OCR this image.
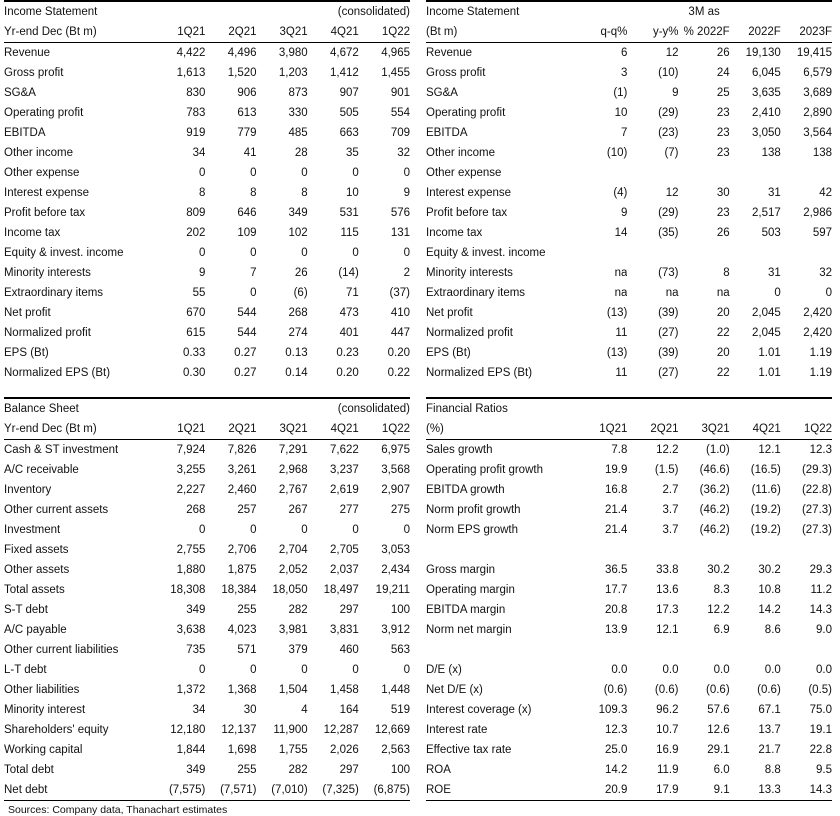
Income Statement				(consolidated)	
Yr-end Dec (Bt m)	1Q21	2Q21	3Q21	4Q21	1Q22
Revenue	4,422	4,496	3,980	4,672	4,965
Gross profit	1,613	1,520	1,203	1,412	1,455
SG&A	830	906	873	907	901
Operating profit	783	613	330	505	554
EBITDA	919	779	485	663	709
Other income	34	41	28	35	32
Other expense	0	0	0	0	0
Interest expense	8	8	8	10	9
Profit before tax	809	646	349	531	576
Income tax	202	109	102	115	131
Equity & invest. income	0	0	0	0	0
Minority interests	9	7	26	(14)	2
Extraordinary items	55	0	(6)	71	(37)
Net profit	670	544	268	473	410
Normalized profit	615	544	274	401	447
EPS (Bt)	0.33	0.27	0.13	0.23	0.20
Normalized EPS (Bt)	0.30	0.27	0.14	0.20	0.22
Balance Sheet				(consolidated)	
Yr-end Dec (Bt m)	1Q21	2Q21	3Q21	4Q21	1Q22
Cash & ST investment	7,924	7,826	7,291	7,622	6,975
A/C receivable	3,255	3,261	2,968	3,237	3,568
Inventory	2,227	2,460	2,767	2,619	2,907
Other current assets	268	257	267	277	275
Investment	0	0	0	0	0
Fixed assets	2,755	2,706	2,704	2,705	3,053
Other assets	1,880	1,875	2,052	2,037	2,434
Total assets	18,308	18,384	18,050	18,497	19,211
S-T debt	349	255	282	297	100
A/C payable	3,638	4,023	3,981	3,831	3,912
Other current liabilities	735	571	379	460	563
L-T debt	0	0	0	0	0
Other liabilities	1,372	1,368	1,504	1,458	1,448
Minority interest	34	30	4	164	519
Shareholders' equity	12,180	12,137	11,900	12,287	12,669
Working capital	1,844	1,698	1,755	2,026	2,563
Total debt	349	255	282	297	100
Net debt	(7,575)	(7,571)	(7,010)	(7,325)	(6,875)
Sources: Company data, Thanachart estimates
Income Statement			3M as		
(Bt m)	q-q%	y-y%	% 2022F	2022F	2023F
Revenue	6	12	26	19,130	19,415
Gross profit	3	(10)	24	6,045	6,579
SG&A	(1)	9	25	3,635	3,689
Operating profit	10	(29)	23	2,410	2,890
EBITDA	7	(23)	23	3,050	3,564
Other income	(10)	(7)	23	138	138
Other expense					
Interest expense	(4)	12	30	31	42
Profit before tax	9	(29)	23	2,517	2,986
Income tax	14	(35)	26	503	597
Equity & invest. income					
Minority interests	na	(73)	8	31	32
Extraordinary items	na	na	na	0	0
Net profit	(13)	(39)	20	2,045	2,420
Normalized profit	11	(27)	22	2,045	2,420
EPS (Bt)	(13)	(39)	20	1.01	1.19
Normalized EPS (Bt)	11	(27)	22	1.01	1.19
Financial Ratios					
(%)	1Q21	2Q21	3Q21	4Q21	1Q22
Sales growth	7.8	12.2	(1.0)	12.1	12.3
Operating profit growth	19.9	(1.5)	(46.6)	(16.5)	(29.3)
EBITDA growth	16.8	2.7	(36.2)	(11.6)	(22.8)
Norm profit growth	21.4	3.7	(46.2)	(19.2)	(27.3)
Norm EPS growth	21.4	3.7	(46.2)	(19.2)	(27.3)

Gross margin	36.5	33.8	30.2	30.2	29.3
Operating margin	17.7	13.6	8.3	10.8	11.2
EBITDA margin	20.8	17.3	12.2	14.2	14.3
Norm net margin	13.9	12.1	6.9	8.6	9.0

D/E (x)	0.0	0.0	0.0	0.0	0.0
Net D/E (x)	(0.6)	(0.6)	(0.6)	(0.6)	(0.5)
Interest coverage (x)	109.3	96.2	57.6	67.1	75.0
Interest rate	12.3	10.7	12.6	13.7	19.1
Effective tax rate	25.0	16.9	29.1	21.7	22.8
ROA	14.2	11.9	6.0	8.8	9.5
ROE	20.9	17.9	9.1	13.3	14.3
